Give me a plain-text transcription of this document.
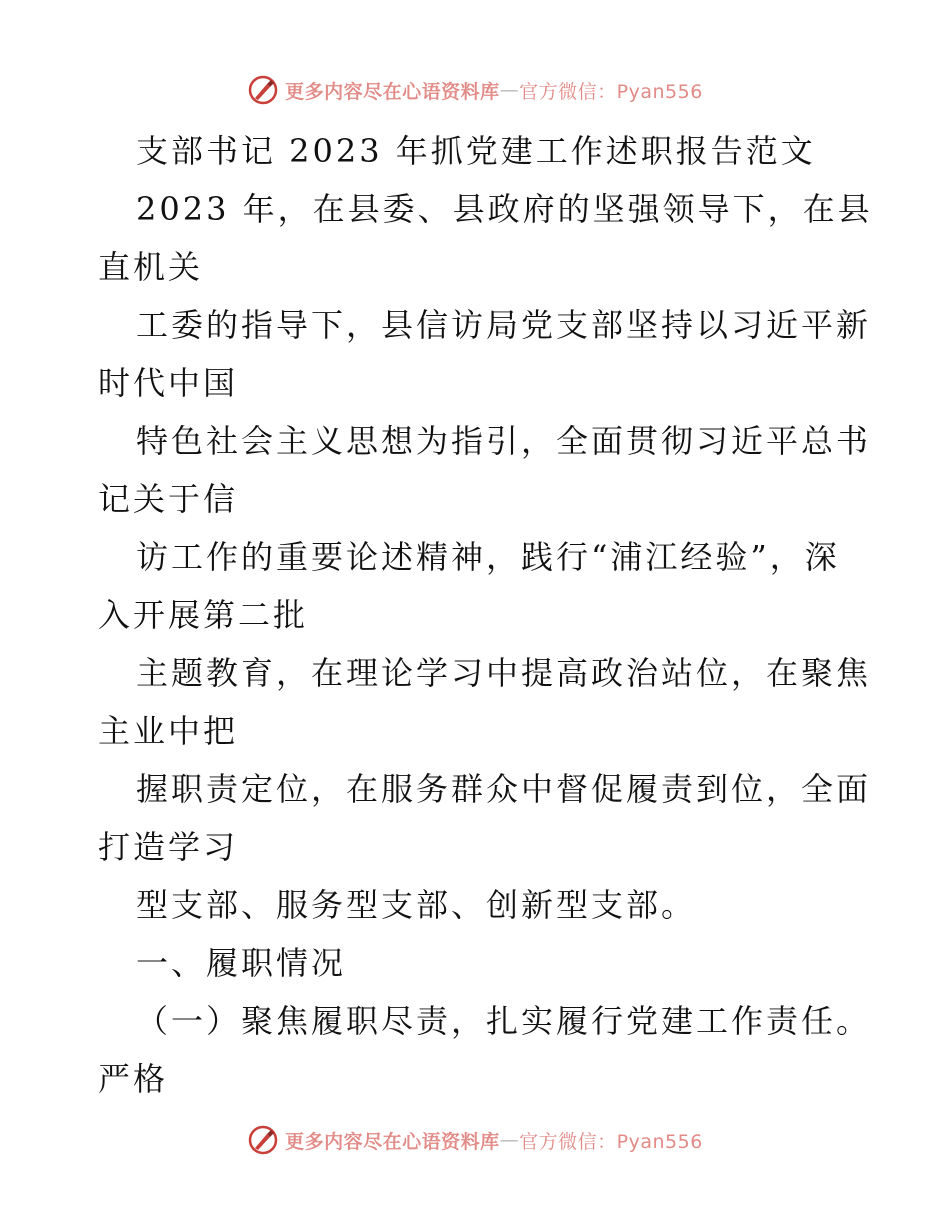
更多内容尽在心语资料库 — 官方微信：Pyan556
支部书记 2023 年抓党建工作述职报告范文
2023 年，在县委、县政府的坚强领导下，在县
直机关
工委的指导下，县信访局党支部坚持以习近平新
时代中国
特色社会主义思想为指引，全面贯彻习近平总书
记关于信
访工作的重要论述精神，践行“浦江经验”，深
入开展第二批
主题教育，在理论学习中提高政治站位，在聚焦
主业中把
握职责定位，在服务群众中督促履责到位，全面
打造学习
型支部、服务型支部、创新型支部。
一、履职情况
（一）聚焦履职尽责，扎实履行党建工作责任。
严格
更多内容尽在心语资料库 — 官方微信：Pyan556
